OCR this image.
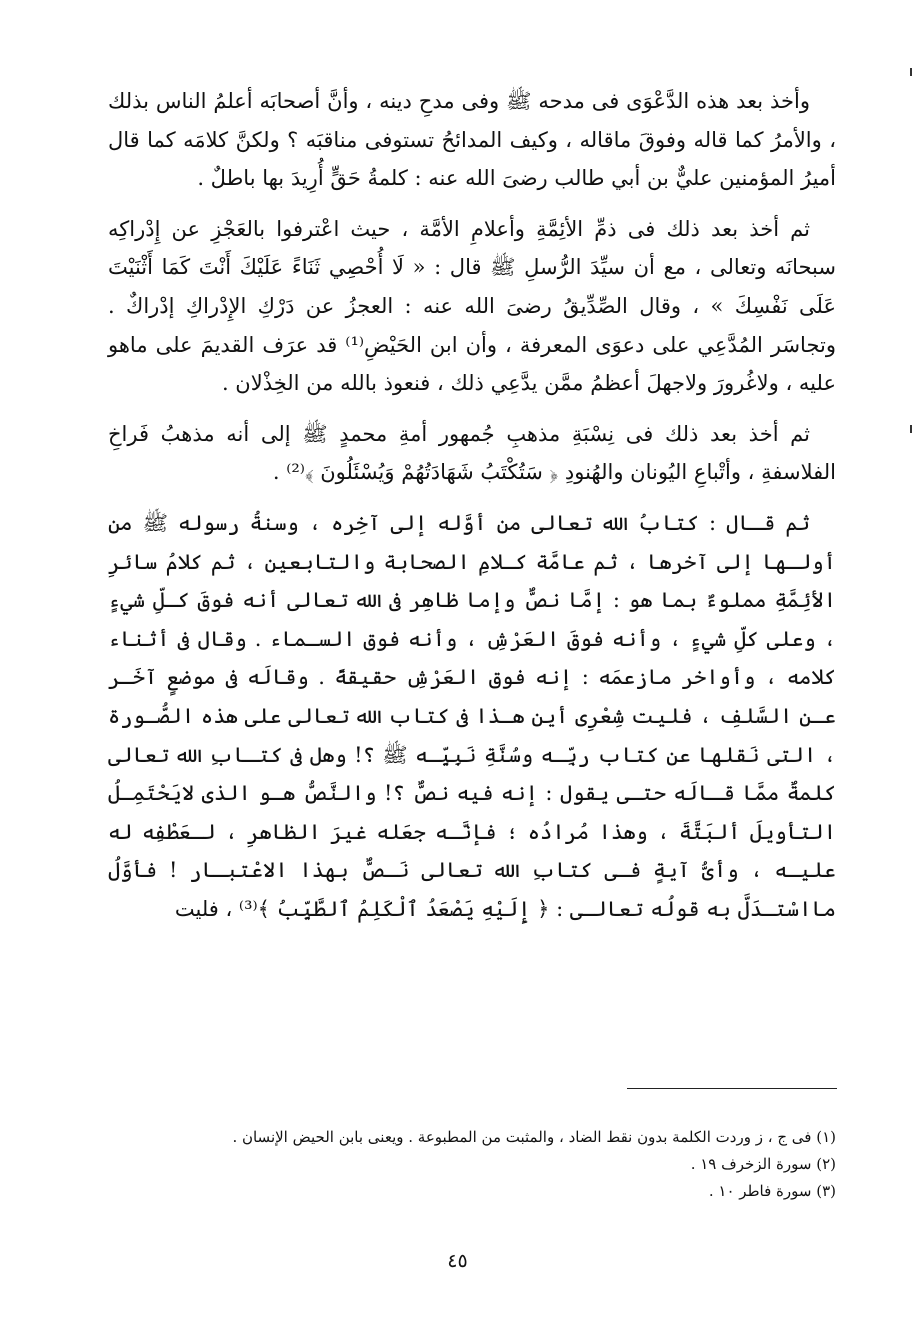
وأخذ بعد هذه الدَّعْوَى فى مدحه ﷺ وفى مدحِ دينه ، وأنَّ أصحابَه أعلمُ الناس بذلك ، والأمرُ كما قاله وفوقَ ماقاله ، وكيف المدائحُ تستوفى مناقبَه ؟ ولكنَّ كلامَه كما قال أميرُ المؤمنين عليٌّ بن أبي طالب رضىَ الله عنه : كلمةُ حَقٍّ أُرِيدَ بها باطلٌ .

ثم أخذ بعد ذلك فى ذمِّ الأئِمَّةِ وأعلامِ الأمَّة ، حيث اعْترفوا بالعَجْزِ عن إِدْراكِه سبحانَه وتعالى ، مع أن سيِّدَ الرُّسلِ ﷺ قال : « لَا أُحْصِي ثَنَاءً عَلَيْكَ أَنْتَ كَمَا أَثْنَيْتَ عَلَى نَفْسِكَ » ، وقال الصِّدِّيقُ رضىَ الله عنه : العجزُ عن دَرْكِ الإِدْراكِ إدْراكٌ . وتجاسَر المُدَّعِي على دعوَى المعرفة ، وأن ابن الحَيْضِ⁽¹⁾ قد عرَف القديمَ على ماهو عليه ، ولاغُرورَ ولاجهلَ أعظمُ ممَّن يدَّعِي ذلك ، فنعوذ بالله من الخِذْلان .

ثم أخذ بعد ذلك فى نِسْبَةِ مذهبِ جُمهور أمةِ محمدٍ ﷺ إلى أنه مذهبُ فَراخِ الفلاسفةِ ، وأتْباعِ اليُونان والهُنودِ ﴿ سَتُكْتَبُ شَهَادَتُهُمْ وَيُسْئَلُونَ ﴾⁽²⁾ .

ثم قـال : كتابُ الله تعالى من أوَّله إلى آخِره ، وسنةُ رسوله ﷺ من أولـها إلى آخرها ، ثم عامَّة كـلامِ الصحابة والتابعين ، ثم كلامُ سائرِ الأئِمَّةِ مملوءٌ بما هو : إمَّا نصٌّ وإما ظاهِر فى الله تعالى أنه فوقَ كـلِّ شيءٍ ، وعلى كلِّ شيءٍ ، وأنه فوقَ العَرْشِ ، وأنه فوق السـماء . وقال فى أثناء كلامه ، وأواخر مازعمَه : إنه فوق العَرْشِ حقيقةً . وقالَه فى موضعٍ آخَـر عـن السَّلفِ ، فليت شِعْرِى أين هـذا فى كتاب الله تعالى على هذه الصُّـورة ، التى نَقلها عن كتاب ربِّـه وسُنَّةِ نَبِيِّـه ﷺ ؟! وهل فى كتـابِ الله تعالى كلمةٌ ممَّا قـالَه حتـى يقول : إنه فيه نصٌّ ؟! والنَّصُّ هـو الذى لايَحْتَمِـلُ التأويلَ ألبَتَّةَ ، وهذا مُرادُه ؛ فإنَّـه جعَله غيرَ الظاهرِ ، لـعَطْفِه له عليـه ، وأىُّ آيةٍ فـى كتابِ الله تعالى نَـصٌّ بهذا الاعْتبـار ! فأوَّلُ مااسْتـدَلَّ به قولُه تعالـى : ﴿ إِلَيْهِ يَصْعَدُ ٱلْكَلِمُ ٱلطَّيِّبُ ﴾⁽³⁾ ، فليت

(١) فى ج ، ز وردت الكلمة بدون نقط الضاد ، والمثبت من المطبوعة . ويعنى بابن الحيض الإنسان .

(٢) سورة الزخرف ١٩ .

(٣) سورة فاطر ١٠ .

٤٥
